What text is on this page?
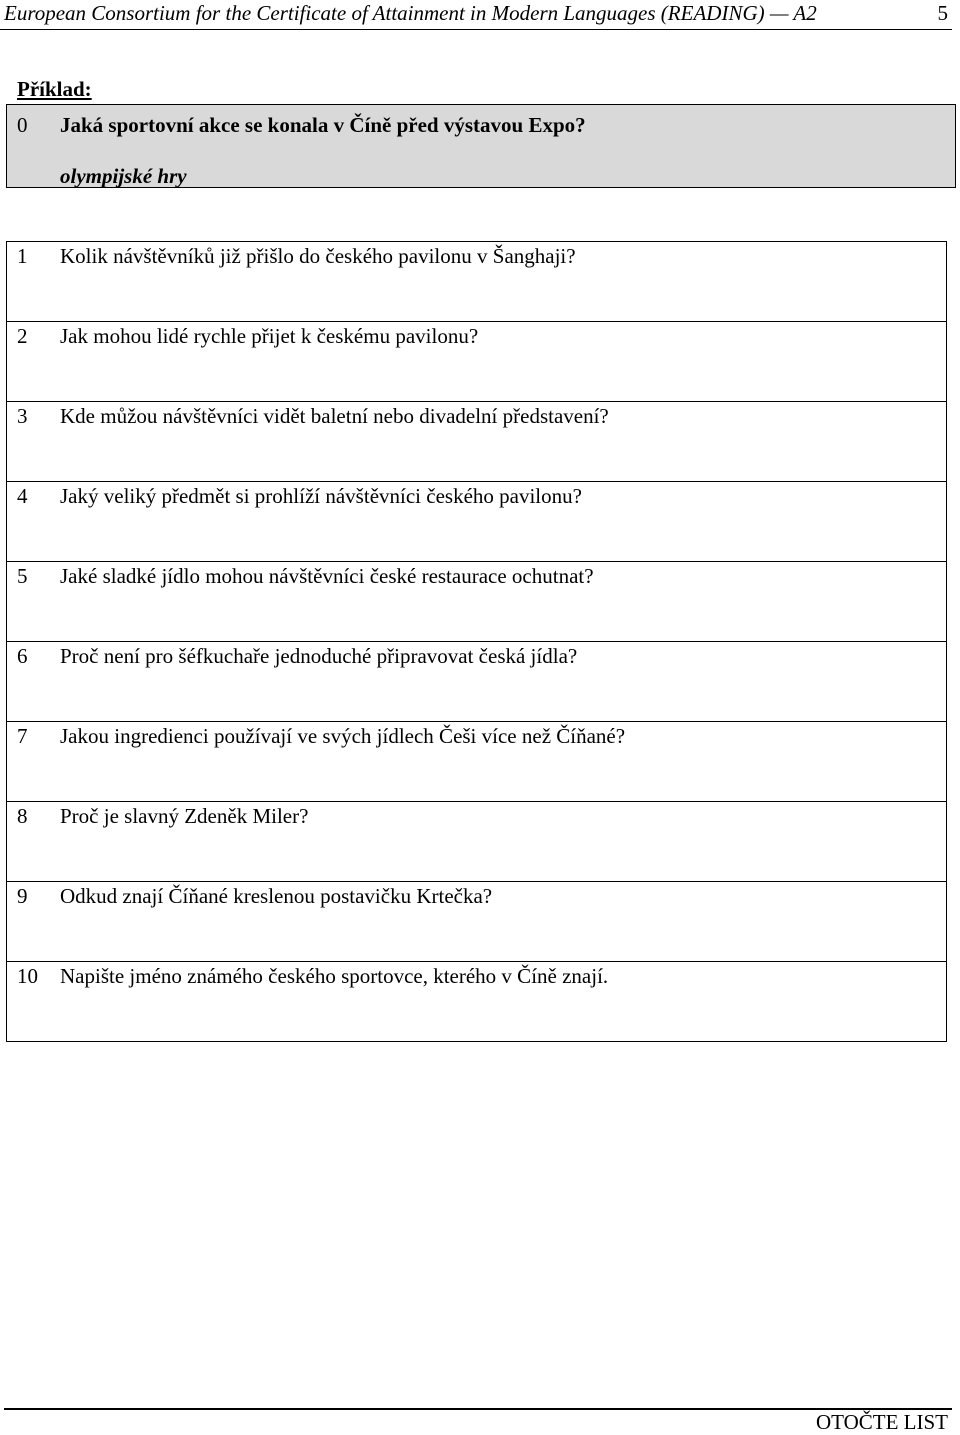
European Consortium for the Certificate of Attainment in Modern Languages (READING) — A2	5
Příklad:
0 Jaká sportovní akce se konala v Číně před výstavou Expo?
olympijské hry
1 Kolik návštěvníků již přišlo do českého pavilonu v Šanghaji?

2 Jak mohou lidé rychle přijet k českému pavilonu?

3 Kde můžou návštěvníci vidět baletní nebo divadelní představení?

4 Jaký veliký předmět si prohlíží návštěvníci českého pavilonu?

5 Jaké sladké jídlo mohou návštěvníci české restaurace ochutnat?

6 Proč není pro šéfkuchaře jednoduché připravovat česká jídla?

7 Jakou ingredienci používají ve svých jídlech Češi více než Číňané?

8 Proč je slavný Zdeněk Miler?

9 Odkud znají Číňané kreslenou postavičku Krtečka?

10 Napište jméno známého českého sportovce, kterého v Číně znají.
OTOČTE LIST
